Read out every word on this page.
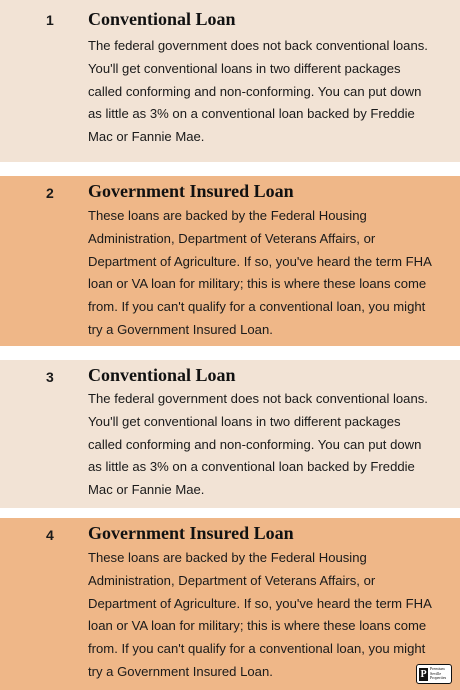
1 Conventional Loan

The federal government does not back conventional loans. You'll get conventional loans in two different packages called conforming and non-conforming. You can put down as little as 3% on a conventional loan backed by Freddie Mac or Fannie Mae.

2 Government Insured Loan

These loans are backed by the Federal Housing Administration, Department of Veterans Affairs, or Department of Agriculture. If so, you've heard the term FHA loan or VA loan for military; this is where these loans come from. If you can't qualify for a conventional loan, you might try a Government Insured Loan.

3 Conventional Loan

The federal government does not back conventional loans. You'll get conventional loans in two different packages called conforming and non-conforming. You can put down as little as 3% on a conventional loan backed by Freddie Mac or Fannie Mae.

4 Government Insured Loan

These loans are backed by the Federal Housing Administration, Department of Veterans Affairs, or Department of Agriculture. If so, you've heard the term FHA loan or VA loan for military; this is where these loans come from. If you can't qualify for a conventional loan, you might try a Government Insured Loan.	P Premium
Seville
Properties
